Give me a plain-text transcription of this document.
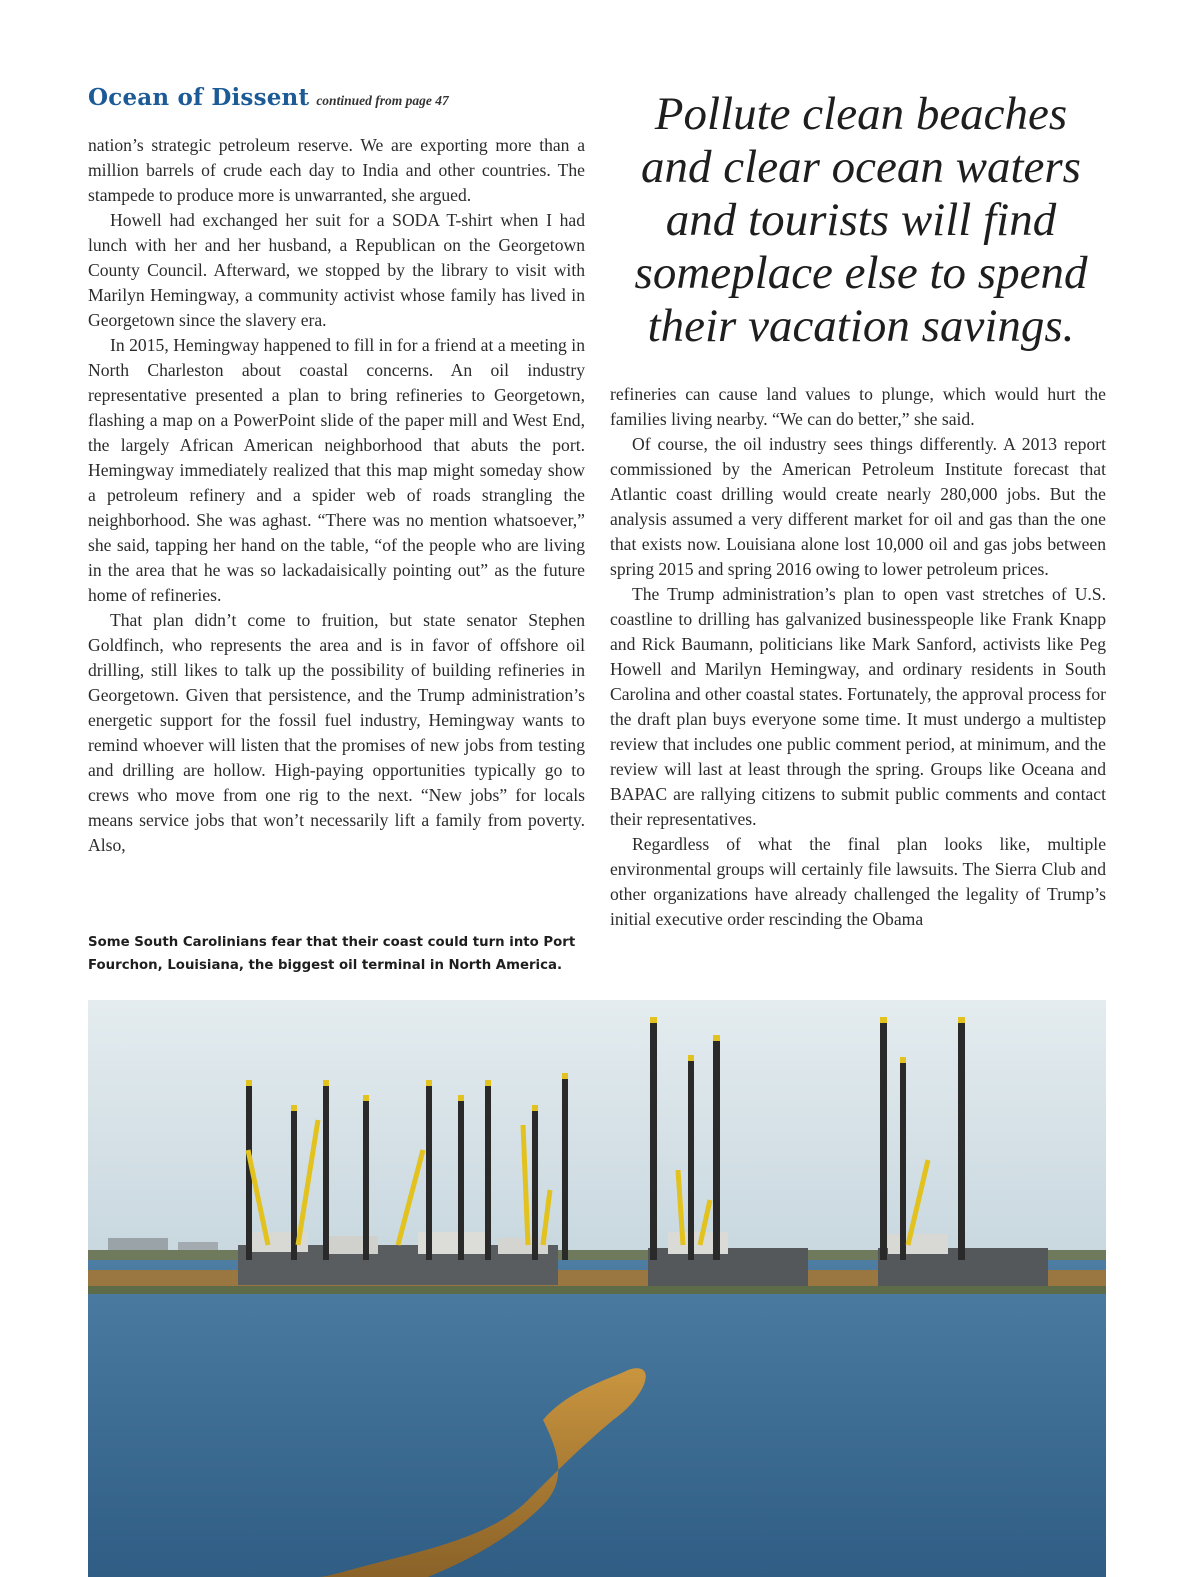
Ocean of Dissent continued from page 47

nation’s strategic petroleum reserve. We are exporting more than a million barrels of crude each day to India and other countries. The stampede to produce more is unwarranted, she argued.

Howell had exchanged her suit for a SODA T-shirt when I had lunch with her and her husband, a Republican on the Georgetown County Council. Afterward, we stopped by the library to visit with Marilyn Hemingway, a community activist whose family has lived in Georgetown since the slavery era.

In 2015, Hemingway happened to fill in for a friend at a meeting in North Charleston about coastal concerns. An oil industry representative presented a plan to bring refineries to Georgetown, flashing a map on a PowerPoint slide of the paper mill and West End, the largely African American neighborhood that abuts the port. Hemingway immediately realized that this map might someday show a petroleum refinery and a spider web of roads strangling the neighborhood. She was aghast. “There was no mention whatsoever,” she said, tapping her hand on the table, “of the people who are living in the area that he was so lackadaisically pointing out” as the future home of refineries.

That plan didn’t come to fruition, but state senator Stephen Goldfinch, who represents the area and is in favor of offshore oil drilling, still likes to talk up the possibility of building refineries in Georgetown. Given that persistence, and the Trump administration’s energetic support for the fossil fuel industry, Hemingway wants to remind whoever will listen that the promises of new jobs from testing and drilling are hollow. High-paying opportunities typically go to crews who move from one rig to the next. “New jobs” for locals means service jobs that won’t necessarily lift a family from poverty. Also,

Pollute clean beaches
and clear ocean waters
and tourists will find
someplace else to spend
their vacation savings.

refineries can cause land values to plunge, which would hurt the families living nearby. “We can do better,” she said.

Of course, the oil industry sees things differently. A 2013 report commissioned by the American Petroleum Institute forecast that Atlantic coast drilling would create nearly 280,000 jobs. But the analysis assumed a very different market for oil and gas than the one that exists now. Louisiana alone lost 10,000 oil and gas jobs between spring 2015 and spring 2016 owing to lower petroleum prices.

The Trump administration’s plan to open vast stretches of U.S. coastline to drilling has galvanized businesspeople like Frank Knapp and Rick Baumann, politicians like Mark Sanford, activists like Peg Howell and Marilyn Hemingway, and ordinary residents in South Carolina and other coastal states. Fortunately, the approval process for the draft plan buys everyone some time. It must undergo a multistep review that includes one public comment period, at minimum, and the review will last at least through the spring. Groups like Oceana and BAPAC are rallying citizens to submit public comments and contact their representatives.

Regardless of what the final plan looks like, multiple environmental groups will certainly file lawsuits. The Sierra Club and other organizations have already challenged the legality of Trump’s initial executive order rescinding the Obama

Some South Carolinians fear that their coast could turn into Port Fourchon, Louisiana, the biggest oil terminal in North America.
